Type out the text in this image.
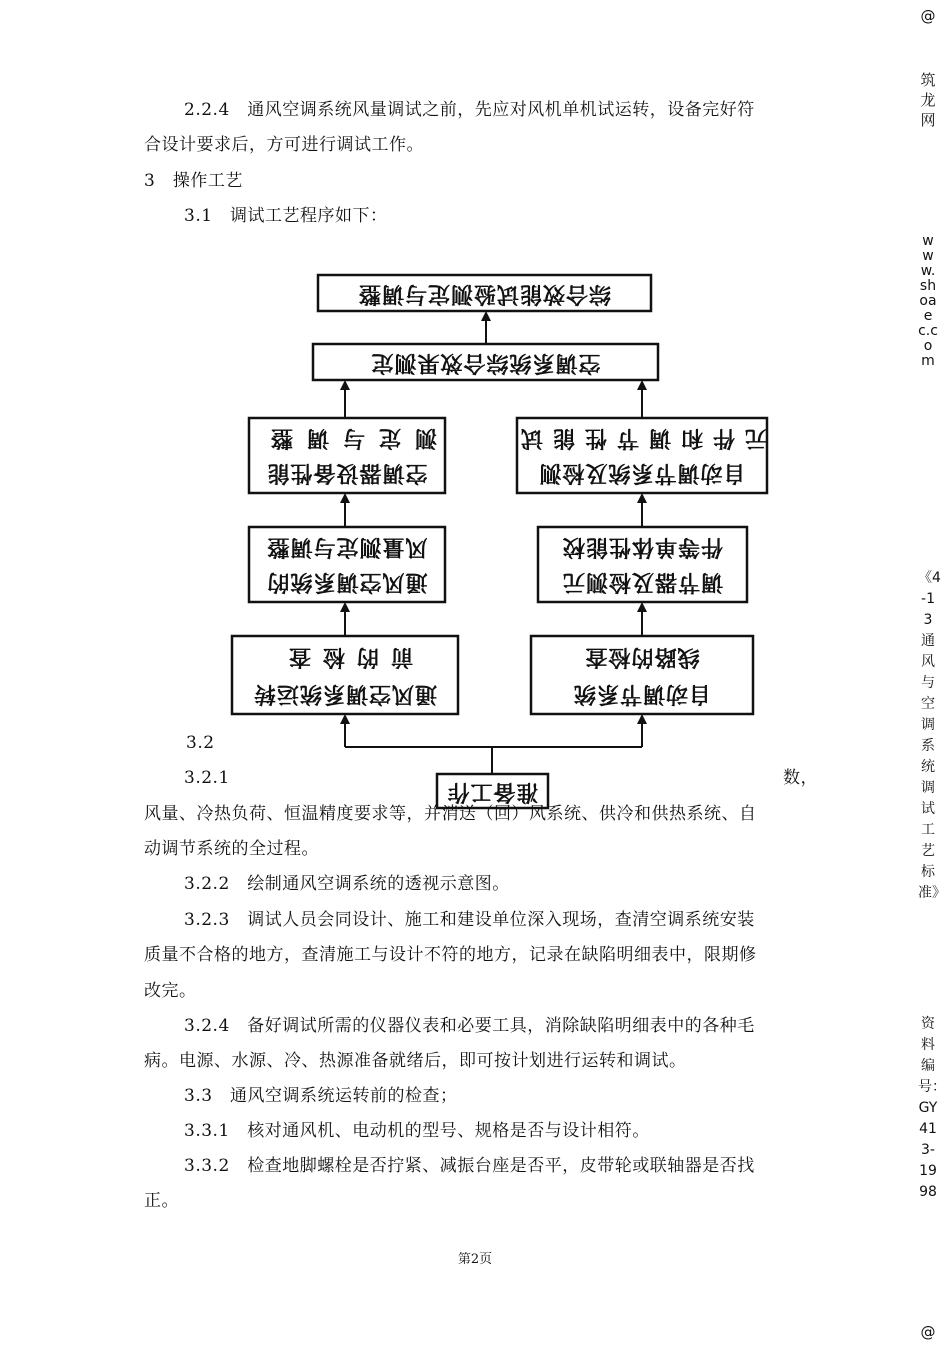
2.2.4　通风空调系统风量调试之前，先应对风机单机试运转，设备完好符
合设计要求后，方可进行调试工作。
3　操作工艺
3.1　调试工艺程序如下：
综合效能试验测定与调整
空调系统综合效果测定
测定与调整
空调器设备性能
元件和调节性能试
自动调节系统及检测
风量测定与调整
通风空调系统的
件等单体性能校
调节器及检测元
前的检查
通风空调系统运转
线路的检查
自动调节系统
准备工作
3.2
3.2.1	数，
风量、冷热负荷、恒温精度要求等，并消送（回）风系统、供冷和供热系统、自
动调节系统的全过程。
3.2.2　绘制通风空调系统的透视示意图。
3.2.3　调试人员会同设计、施工和建设单位深入现场，查清空调系统安装
质量不合格的地方，查清施工与设计不符的地方，记录在缺陷明细表中，限期修
改完。
3.2.4　备好调试所需的仪器仪表和必要工具，消除缺陷明细表中的各种毛
病。电源、水源、冷、热源准备就绪后，即可按计划进行运转和调试。
3.3　通风空调系统运转前的检查；
3.3.1　核对通风机、电动机的型号、规格是否与设计相符。
3.3.2　检查地脚螺栓是否拧紧、减振台座是否平，皮带轮或联轴器是否找
正。
第2页
@
筑龙网
www.shoaec.com
《4-13通风与空调系统调试工艺标准》
资料编号：GY413-1998
@
